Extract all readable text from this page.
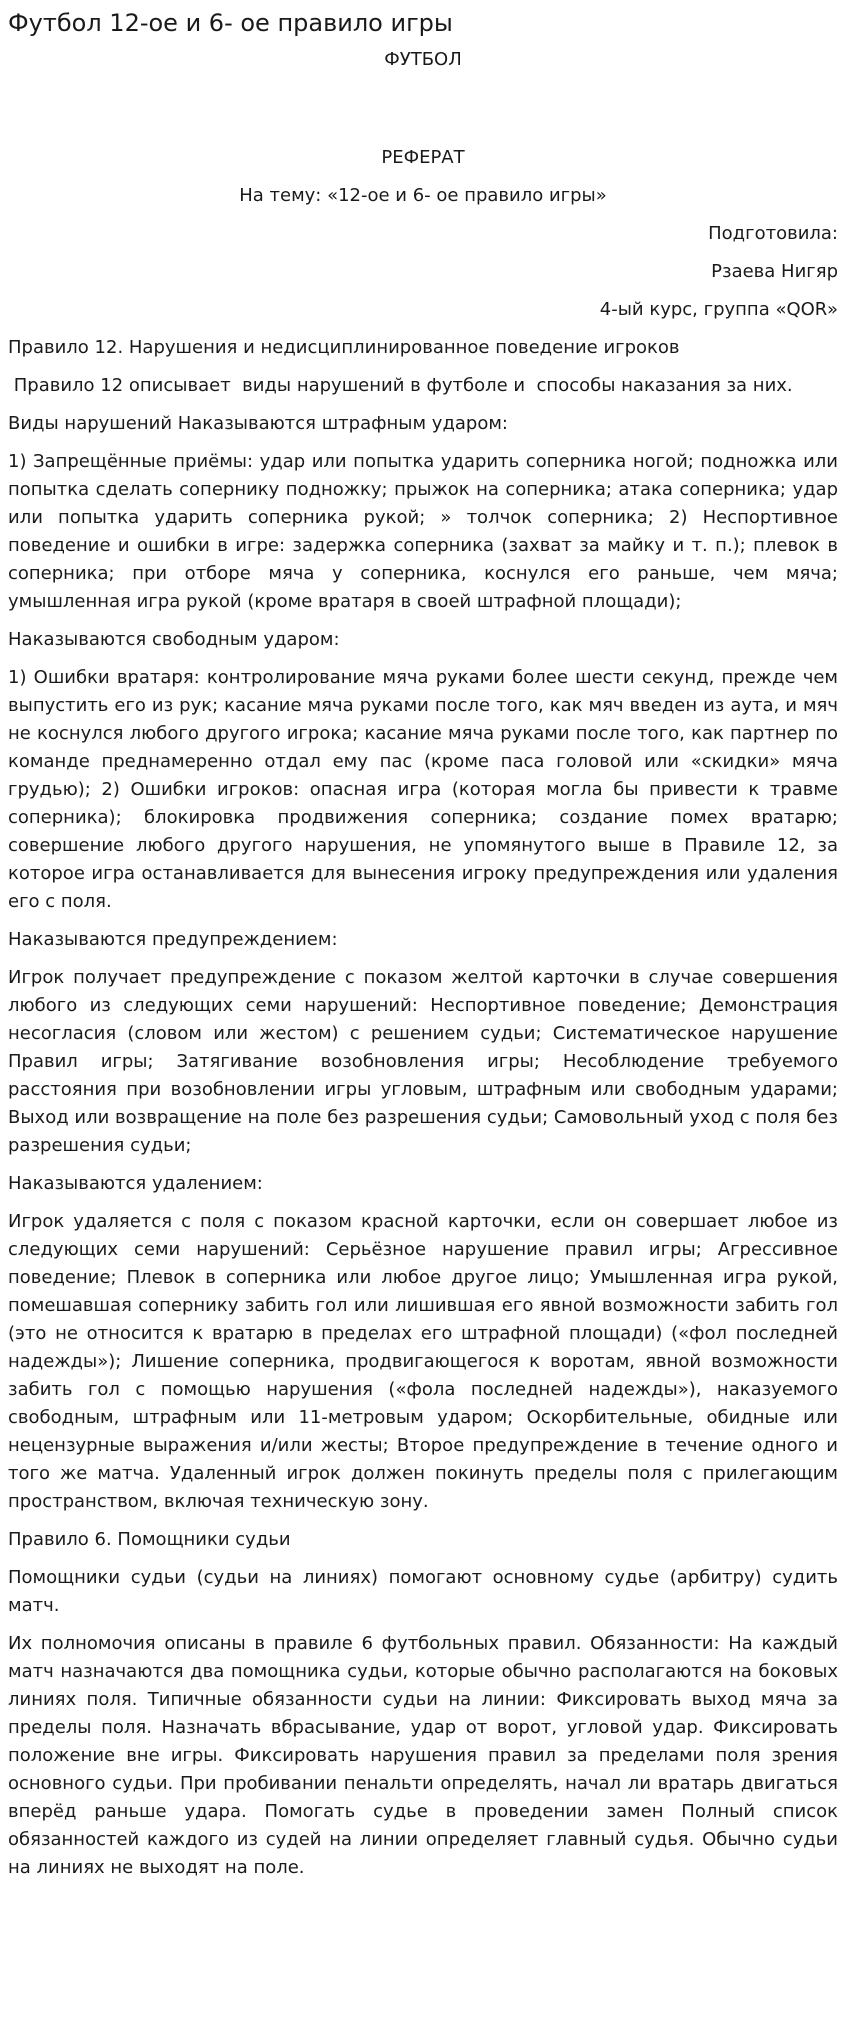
Футбол 12-ое и 6- ое правило игры

ФУТБОЛ

РЕФЕРАТ

На тему: «12-ое и 6- ое правило игры»

Подготовила:

Рзаева Нигяр

4-ый курс, группа «QOR»

Правило 12. Нарушения и недисциплинированное поведение игроков

Правило 12 описывает  виды нарушений в футболе и  способы наказания за них.

Виды нарушений Наказываются штрафным ударом:

1) Запрещённые приёмы: удар или попытка ударить соперника ногой; подножка или попытка сделать сопернику подножку; прыжок на соперника; атака соперника; удар или попытка ударить соперника рукой; » толчок соперника; 2) Неспортивное поведение и ошибки в игре: задержка соперника (захват за майку и т. п.); плевок в соперника; при отборе мяча у соперника, коснулся его раньше, чем мяча; умышленная игра рукой (кроме вратаря в своей штрафной площади);

Наказываются свободным ударом:

1) Ошибки вратаря: контролирование мяча руками более шести секунд, прежде чем выпустить его из рук; касание мяча руками после того, как мяч введен из аута, и мяч не коснулся любого другого игрока; касание мяча руками после того, как партнер по команде преднамеренно отдал ему пас (кроме паса головой или «скидки» мяча грудью); 2) Ошибки игроков: опасная игра (которая могла бы привести к травме соперника); блокировка продвижения соперника; создание помех вратарю; совершение любого другого нарушения, не упомянутого выше в Правиле 12, за которое игра останавливается для вынесения игроку предупреждения или удаления его с поля.

Наказываются предупреждением:

Игрок получает предупреждение с показом желтой карточки в случае совершения любого из следующих семи нарушений: Неспортивное поведение; Демонстрация несогласия (словом или жестом) с решением судьи; Систематическое нарушение Правил игры; Затягивание возобновления игры; Несоблюдение требуемого расстояния при возобновлении игры угловым, штрафным или свободным ударами; Выход или возвращение на поле без разрешения судьи; Самовольный уход с поля без разрешения судьи;

Наказываются удалением:

Игрок удаляется с поля с показом красной карточки, если он совершает любое из следующих семи нарушений: Серьёзное нарушение правил игры; Агрессивное поведение; Плевок в соперника или любое другое лицо; Умышленная игра рукой, помешавшая сопернику забить гол или лишившая его явной возможности забить гол (это не относится к вратарю в пределах его штрафной площади) («фол последней надежды»); Лишение соперника, продвигающегося к воротам, явной возможности забить гол с помощью нарушения («фола последней надежды»), наказуемого свободным, штрафным или 11-метровым ударом; Оскорбительные, обидные или нецензурные выражения и/или жесты; Второе предупреждение в течение одного и того же матча. Удаленный игрок должен покинуть пределы поля с прилегающим пространством, включая техническую зону.

Правило 6. Помощники судьи

Помощники судьи (судьи на линиях) помогают основному судье (арбитру) судить матч.

Их полномочия описаны в правиле 6 футбольных правил. Обязанности: На каждый матч назначаются два помощника судьи, которые обычно располагаются на боковых линиях поля. Типичные обязанности судьи на линии: Фиксировать выход мяча за пределы поля. Назначать вбрасывание, удар от ворот, угловой удар. Фиксировать положение вне игры. Фиксировать нарушения правил за пределами поля зрения основного судьи. При пробивании пенальти определять, начал ли вратарь двигаться вперёд раньше удара. Помогать судье в проведении замен Полный список обязанностей каждого из судей на линии определяет главный судья. Обычно судьи на линиях не выходят на поле.
